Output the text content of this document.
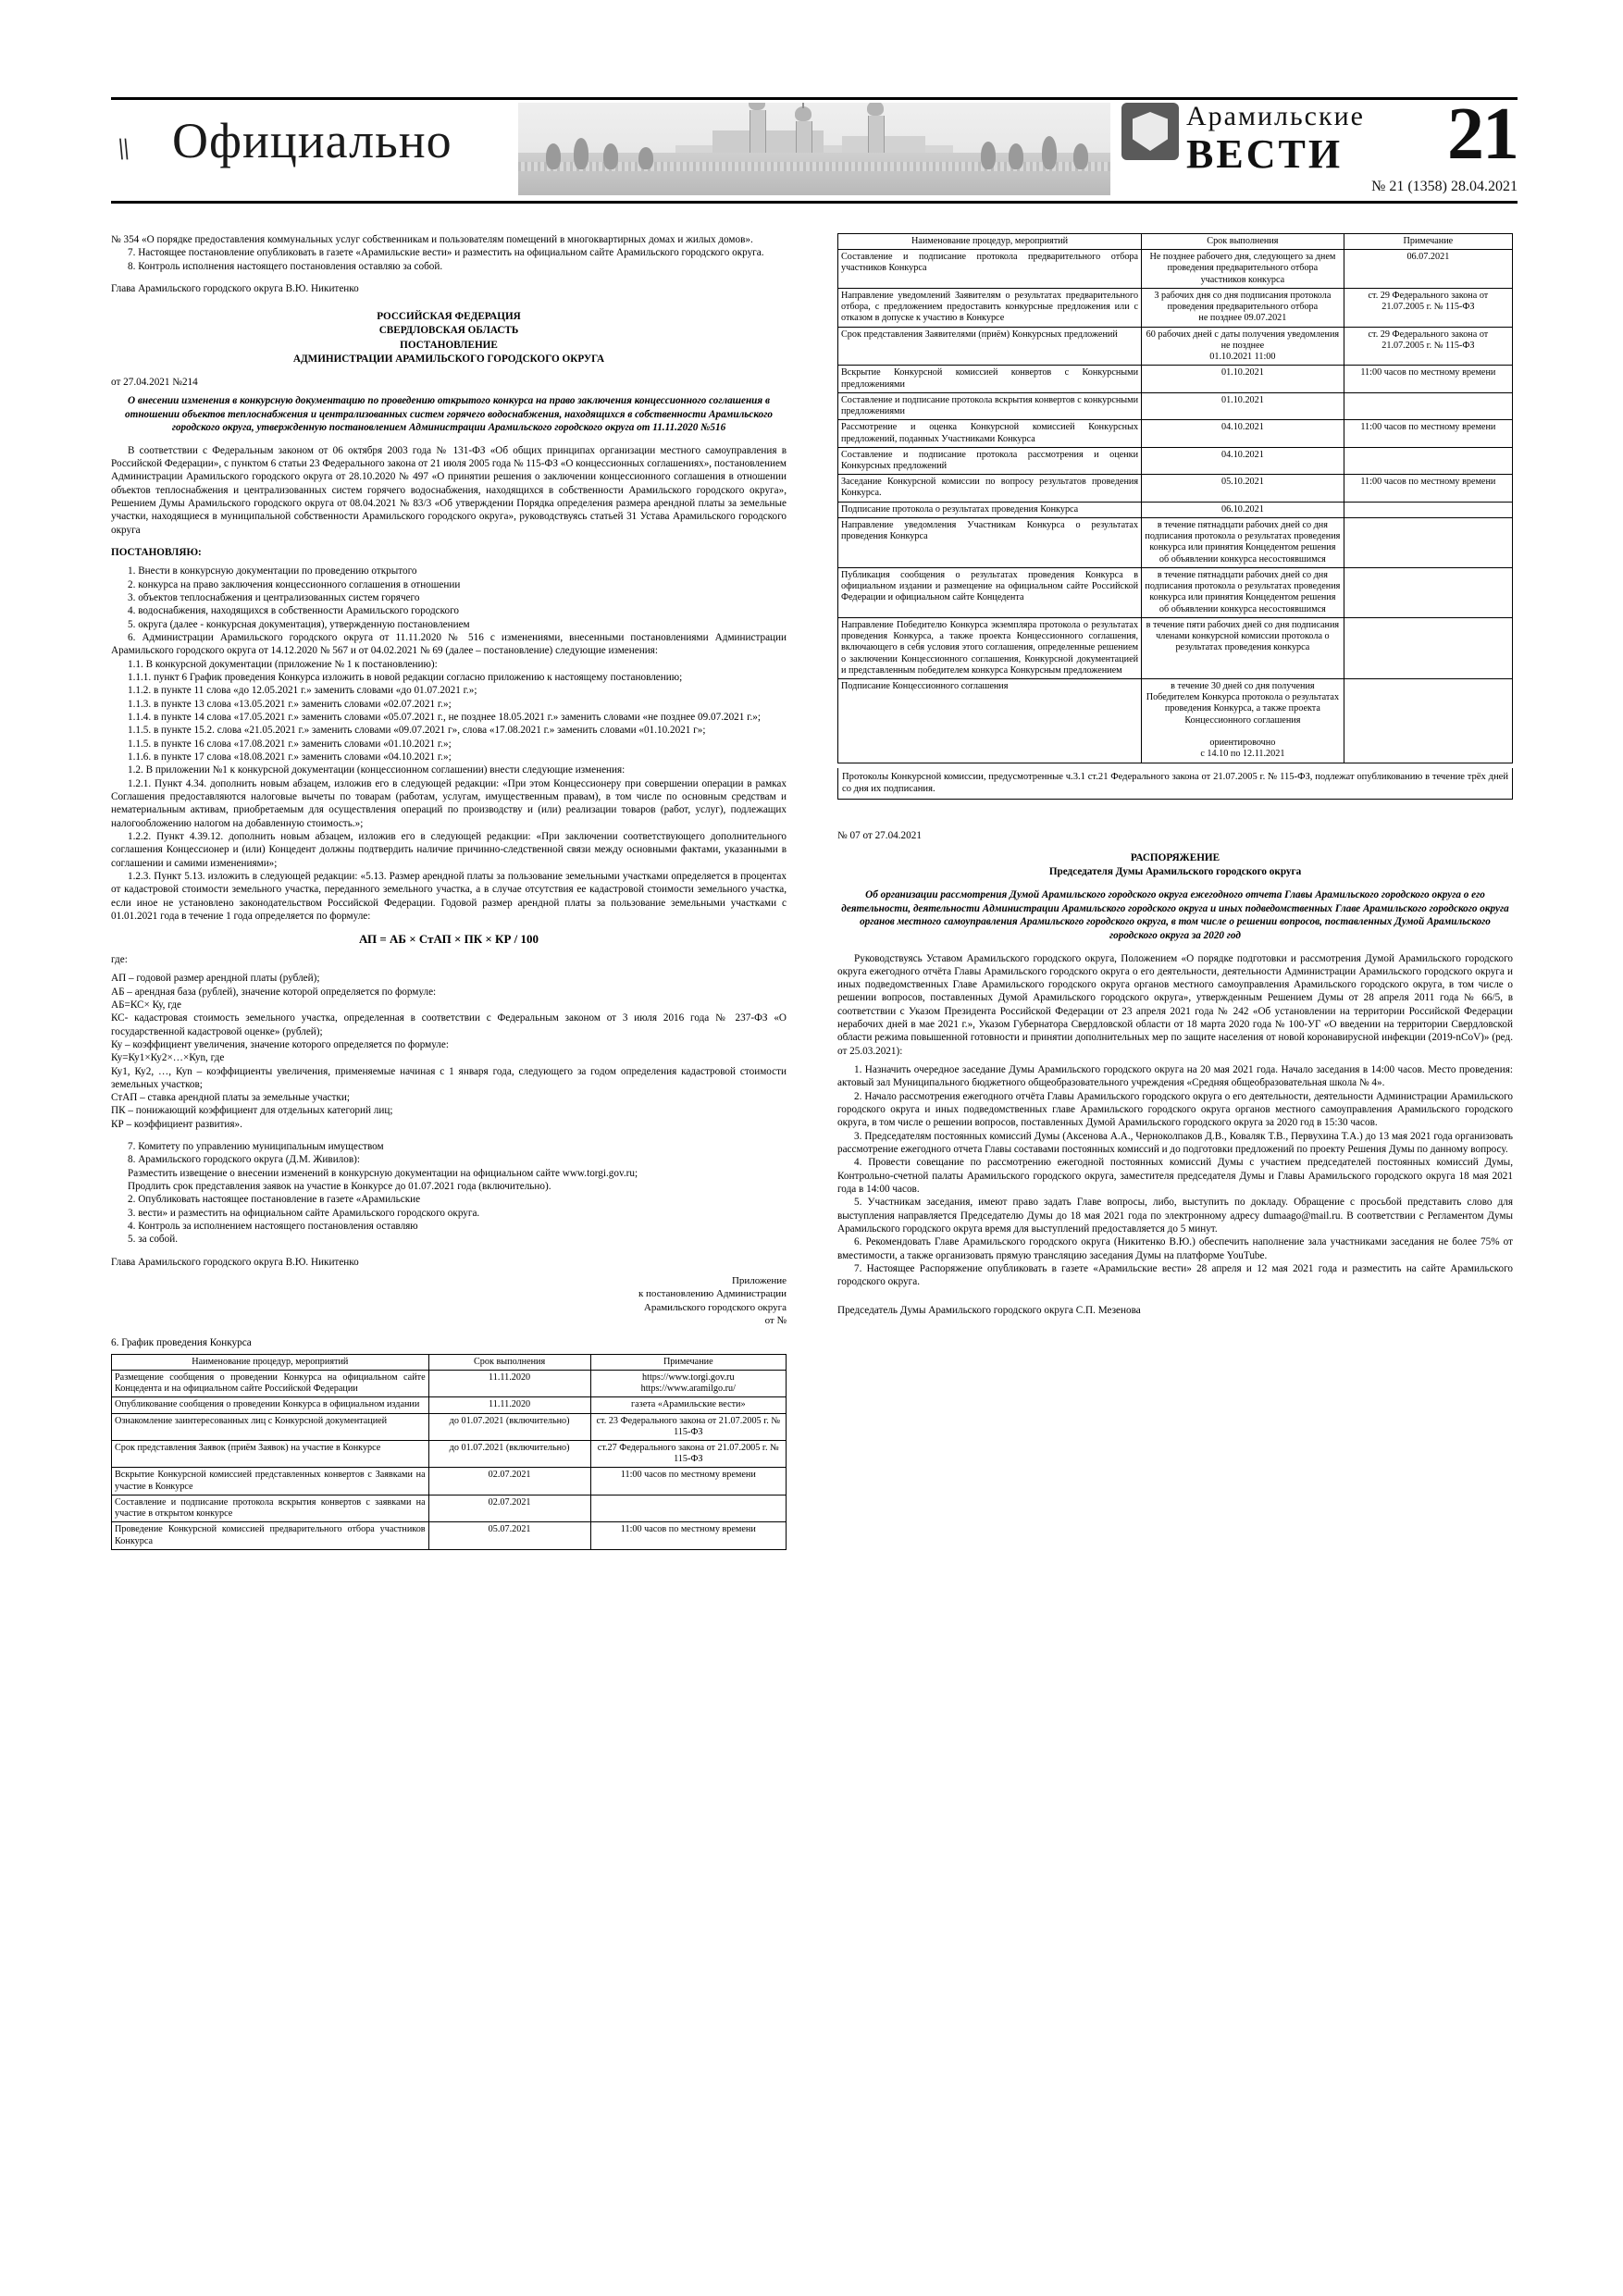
\\ Официально	Арамильские
ВЕСТИ 21
№ 21 (1358) 28.04.2021

№ 354 «О порядке предоставления коммунальных услуг собственникам и пользователям помещений в многоквартирных домах и жилых домов».

7. Настоящее постановление опубликовать в газете «Арамильские вести» и разместить на официальном сайте Арамильского городского округа.

8. Контроль исполнения настоящего постановления оставляю за собой.

Глава Арамильского городского округа В.Ю. Никитенко

РОССИЙСКАЯ ФЕДЕРАЦИЯ
СВЕРДЛОВСКАЯ ОБЛАСТЬ
ПОСТАНОВЛЕНИЕ
АДМИНИСТРАЦИИ АРАМИЛЬСКОГО ГОРОДСКОГО ОКРУГА

от 27.04.2021 №214

О внесении изменения в конкурсную документацию по проведению открытого конкурса на право заключения концессионного соглашения в отношении объектов теплоснабжения и централизованных систем горячего водоснабжения, находящихся в собственности Арамильского городского округа, утвержденную постановлением Администрации Арамильского городского округа от 11.11.2020 №516

В соответствии с Федеральным законом от 06 октября 2003 года № 131-ФЗ «Об общих принципах организации местного самоуправления в Российской Федерации», с пунктом 6 статьи 23 Федерального закона от 21 июля 2005 года № 115-ФЗ «О концессионных соглашениях», постановлением Администрации Арамильского городского округа от 28.10.2020 № 497 «О принятии решения о заключении концессионного соглашения в отношении объектов теплоснабжения и централизованных систем горячего водоснабжения, находящихся в собственности Арамильского городского округа», Решением Думы Арамильского городского округа от 08.04.2021 № 83/3 «Об утверждении Порядка определения размера арендной платы за земельные участки, находящиеся в муниципальной собственности Арамильского городского округа», руководствуясь статьей 31 Устава Арамильского городского округа

ПОСТАНОВЛЯЮ:

1. Внести в конкурсную документации по проведению открытого

2. конкурса на право заключения концессионного соглашения в отношении

3. объектов теплоснабжения и централизованных систем горячего

4. водоснабжения, находящихся в собственности Арамильского городского

5. округа (далее - конкурсная документация), утвержденную постановлением

6. Администрации Арамильского городского округа от 11.11.2020 № 516 с изменениями, внесенными постановлениями Администрации Арамильского городского округа от 14.12.2020 № 567 и от 04.02.2021 № 69 (далее – постановление) следующие изменения:

1.1. В конкурсной документации (приложение № 1 к постановлению):

1.1.1. пункт 6 График проведения Конкурса изложить в новой редакции согласно приложению к настоящему постановлению;

1.1.2. в пункте 11 слова «до 12.05.2021 г.» заменить словами «до 01.07.2021 г.»;

1.1.3. в пункте 13 слова «13.05.2021 г.» заменить словами «02.07.2021 г.»;

1.1.4. в пункте 14 слова «17.05.2021 г.» заменить словами «05.07.2021 г., не позднее 18.05.2021 г.» заменить словами «не позднее 09.07.2021 г.»;

1.1.5. в пункте 15.2. слова «21.05.2021 г.» заменить словами «09.07.2021 г», слова «17.08.2021 г.» заменить словами «01.10.2021 г»;

1.1.5. в пункте 16 слова «17.08.2021 г.» заменить словами «01.10.2021 г.»;

1.1.6. в пункте 17 слова «18.08.2021 г.» заменить словами «04.10.2021 г.»;

1.2. В приложении №1 к конкурсной документации (концессионном соглашении) внести следующие изменения:

1.2.1. Пункт 4.34. дополнить новым абзацем, изложив его в следующей редакции: «При этом Концессионеру при совершении операции в рамках Соглашения предоставляются налоговые вычеты по товарам (работам, услугам, имущественным правам), в том числе по основным средствам и нематериальным активам, приобретаемым для осуществления операций по производству и (или) реализации товаров (работ, услуг), подлежащих налогообложению налогом на добавленную стоимость.»;

1.2.2. Пункт 4.39.12. дополнить новым абзацем, изложив его в следующей редакции: «При заключении соответствующего дополнительного соглашения Концессионер и (или) Концедент должны подтвердить наличие причинно-следственной связи между основными фактами, указанными в соглашении и самими изменениями»;

1.2.3. Пункт 5.13. изложить в следующей редакции: «5.13. Размер арендной платы за пользование земельными участками определяется в процентах от кадастровой стоимости земельного участка, переданного земельного участка, а в случае отсутствия ее кадастровой стоимости земельного участка, если иное не установлено законодательством Российской Федерации. Годовой размер арендной платы за пользование земельными участками с 01.01.2021 года в течение 1 года определяется по формуле:

АП = АБ × СтАП × ПК × КР / 100

где:

АП – годовой размер арендной платы (рублей);

АБ – арендная база (рублей), значение которой определяется по формуле:

АБ=КС× Ку, где

КС- кадастровая стоимость земельного участка, определенная в соответствии с Федеральным законом от 3 июля 2016 года № 237-ФЗ «О государственной кадастровой оценке» (рублей);

Ку – коэффициент увеличения, значение которого определяется по формуле:

Ку=Ку1×Ку2×…×Куn, где

Ку1, Ку2, …, Куn – коэффициенты увеличения, применяемые начиная с 1 января года, следующего за годом определения кадастровой стоимости земельных участков;

СтАП – ставка арендной платы за земельные участки;

ПК – понижающий коэффициент для отдельных категорий лиц;

КР – коэффициент развития».

7. Комитету по управлению муниципальным имуществом

8. Арамильского городского округа (Д.М. Живилов):

Разместить извещение о внесении изменений в конкурсную документации на официальном сайте www.torgi.gov.ru;

Продлить срок представления заявок на участие в Конкурсе до 01.07.2021 года (включительно).

2. Опубликовать настоящее постановление в газете «Арамильские

3. вести» и разместить на официальном сайте Арамильского городского округа.

4. Контроль за исполнением настоящего постановления оставляю

5. за собой.

Глава Арамильского городского округа В.Ю. Никитенко

Приложение
к постановлению Администрации
Арамильского городского округа
от №

6. График проведения Конкурса

Наименование процедур, мероприятий	Срок выполнения	Примечание
Размещение сообщения о проведении Конкурса на официальном сайте Концедента и на официальном сайте Российской Федерации	11.11.2020	https://www.torgi.gov.ru
https://www.aramilgo.ru/
Опубликование сообщения о проведении Конкурса в официальном издании	11.11.2020	газета «Арамильские вести»
Ознакомление заинтересованных лиц с Конкурсной документацией	до 01.07.2021 (включительно)	ст. 23 Федерального закона от 21.07.2005 г. № 115-ФЗ
Срок представления Заявок (приём Заявок) на участие в Конкурсе	до 01.07.2021 (включительно)	ст.27 Федерального закона от 21.07.2005 г. № 115-ФЗ
Вскрытие Конкурсной комиссией представленных конвертов с Заявками на участие в Конкурсе	02.07.2021	11:00 часов по местному времени
Составление и подписание протокола вскрытия конвертов с заявками на участие в открытом конкурсе	02.07.2021	
Проведение Конкурсной комиссией предварительного отбора участников Конкурса	05.07.2021	11:00 часов по местному времени
Наименование процедур, мероприятий	Срок выполнения	Примечание
Составление и подписание протокола предварительного отбора участников Конкурса	Не позднее рабочего дня, следующего за днем проведения предварительного отбора участников конкурса	06.07.2021
Направление уведомлений Заявителям о результатах предварительного отбора, с предложением предоставить конкурсные предложения или с отказом в допуске к участию в Конкурсе	3 рабочих дня со дня подписания протокола проведения предварительного отбора
не позднее 09.07.2021	ст. 29 Федерального закона от 21.07.2005 г. № 115-ФЗ
Срок представления Заявителями (приём) Конкурсных предложений	60 рабочих дней с даты получения уведомления
не позднее
01.10.2021 11:00	ст. 29 Федерального закона от 21.07.2005 г. № 115-ФЗ
Вскрытие Конкурсной комиссией конвертов с Конкурсными предложениями	01.10.2021	11:00 часов по местному времени
Составление и подписание протокола вскрытия конвертов с конкурсными предложениями	01.10.2021	
Рассмотрение и оценка Конкурсной комиссией Конкурсных предложений, поданных Участниками Конкурса	04.10.2021	11:00 часов по местному времени
Составление и подписание протокола рассмотрения и оценки Конкурсных предложений	04.10.2021	
Заседание Конкурсной комиссии по вопросу результатов проведения Конкурса.	05.10.2021	11:00 часов по местному времени
Подписание протокола о результатах проведения Конкурса	06.10.2021	
Направление уведомления Участникам Конкурса о результатах проведения Конкурса	в течение пятнадцати рабочих дней со дня подписания протокола о результатах проведения конкурса или принятия Концедентом решения об объявлении конкурса несостоявшимся	
Публикация сообщения о результатах проведения Конкурса в официальном издании и размещение на официальном сайте Российской Федерации и официальном сайте Концедента	в течение пятнадцати рабочих дней со дня подписания протокола о результатах проведения конкурса или принятия Концедентом решения об объявлении конкурса несостоявшимся	
Направление Победителю Конкурса экземпляра протокола о результатах проведения Конкурса, а также проекта Концессионного соглашения, включающего в себя условия этого соглашения, определенные решением о заключении Концессионного соглашения, Конкурсной документацией и представленным победителем конкурса Конкурсным предложением	в течение пяти рабочих дней со дня подписания членами конкурсной комиссии протокола о результатах проведения конкурса	
Подписание Концессионного соглашения	в течение 30 дней со дня получения Победителем Конкурса протокола о результатах проведения Конкурса, а также проекта Концессионного соглашения

ориентировочно
с 14.10 по 12.11.2021	

Протоколы Конкурсной комиссии, предусмотренные ч.3.1 ст.21 Федерального закона от 21.07.2005 г. № 115-ФЗ, подлежат опубликованию в течение трёх дней со дня их подписания.

№ 07 от 27.04.2021

РАСПОРЯЖЕНИЕ
Председателя Думы Арамильского городского округа

Об организации рассмотрения Думой Арамильского городского округа ежегодного отчета Главы Арамильского городского округа о его деятельности, деятельности Администрации Арамильского городского округа и иных подведомственных Главе Арамильского городского округа органов местного самоуправления Арамильского городского округа, в том числе о решении вопросов, поставленных Думой Арамильского городского округа за 2020 год

Руководствуясь Уставом Арамильского городского округа, Положением «О порядке подготовки и рассмотрения Думой Арамильского городского округа ежегодного отчёта Главы Арамильского городского округа о его деятельности, деятельности Администрации Арамильского городского округа и иных подведомственных Главе Арамильского городского округа органов местного самоуправления Арамильского городского округа, в том числе о решении вопросов, поставленных Думой Арамильского городского округа», утвержденным Решением Думы от 28 апреля 2011 года № 66/5, в соответствии с Указом Президента Российской Федерации от 23 апреля 2021 года № 242 «Об установлении на территории Российской Федерации нерабочих дней в мае 2021 г.», Указом Губернатора Свердловской области от 18 марта 2020 года № 100-УГ «О введении на территории Свердловской области режима повышенной готовности и принятии дополнительных мер по защите населения от новой коронавирусной инфекции (2019-nCoV)» (ред. от 25.03.2021):

1. Назначить очередное заседание Думы Арамильского городского округа на 20 мая 2021 года. Начало заседания в 14:00 часов. Место проведения: актовый зал Муниципального бюджетного общеобразовательного учреждения «Средняя общеобразовательная школа № 4».

2. Начало рассмотрения ежегодного отчёта Главы Арамильского городского округа о его деятельности, деятельности Администрации Арамильского городского округа и иных подведомственных главе Арамильского городского округа органов местного самоуправления Арамильского городского округа, в том числе о решении вопросов, поставленных Думой Арамильского городского округа за 2020 год в 15:30 часов.

3. Председателям постоянных комиссий Думы (Аксенова А.А., Черноколпаков Д.В., Ковaляк Т.В., Первухина Т.А.) до 13 мая 2021 года организовать рассмотрение ежегодного отчета Главы составами постоянных комиссий и до подготовки предложений по проекту Решения Думы по данному вопросу.

4. Провести совещание по рассмотрению ежегодной постоянных комиссий Думы с участием председателей постоянных комиссий Думы, Контрольно-счетной палаты Арамильского городского округа, заместителя председателя Думы и Главы Арамильского городского округа 18 мая 2021 года в 14:00 часов.

5. Участникам заседания, имеют право задать Главе вопросы, либо, выступить по докладу. Обращение с просьбой представить слово для выступления направляется Председателю Думы до 18 мая 2021 года по электронному адресу dumaago@mail.ru. В соответствии с Регламентом Думы Арамильского городского округа время для выступлений предоставляется до 5 минут.

6. Рекомендовать Главе Арамильского городского округа (Никитенко В.Ю.) обеспечить наполнение зала участниками заседания не более 75% от вместимости, а также организовать прямую трансляцию заседания Думы на платформе YouTube.

7. Настоящее Распоряжение опубликовать в газете «Арамильские вести» 28 апреля и 12 мая 2021 года и разместить на сайте Арамильского городского округа.

Председатель Думы Арамильского городского округа С.П. Мезенова
